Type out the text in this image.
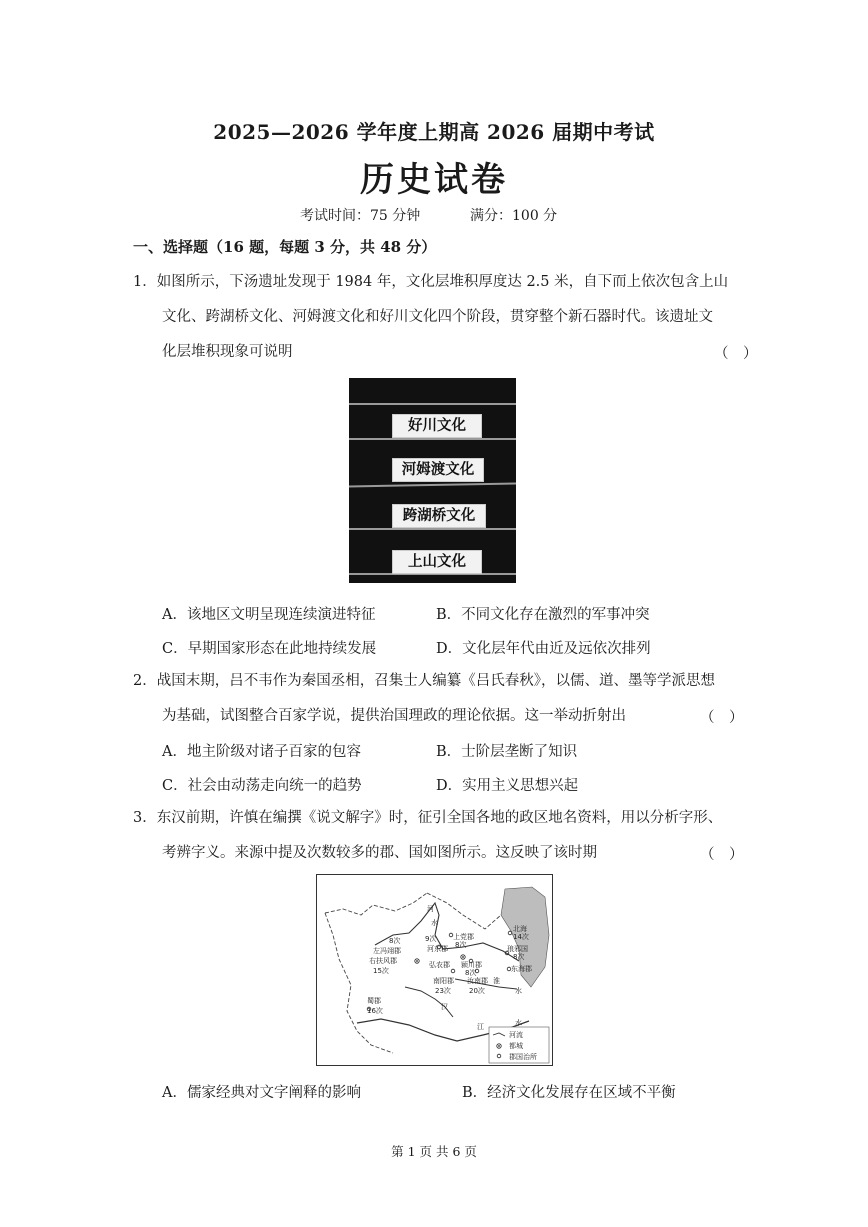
2025—2026 学年度上期高 2026 届期中考试
历史试卷
考试时间：75 分钟	满分：100 分
一、选择题（16 题，每题 3 分，共 48 分）
1．如图所示，下汤遗址发现于 1984 年，文化层堆积厚度达 2.5 米，自下而上依次包含上山
文化、跨湖桥文化、河姆渡文化和好川文化四个阶段，贯穿整个新石器时代。该遗址文
化层堆积现象可说明	（　）
好川文化
河姆渡文化
跨湖桥文化
上山文化
A．该地区文明呈现连续演进特征	B．不同文化存在激烈的军事冲突
C．早期国家形态在此地持续发展	D．文化层年代由近及远依次排列
2．战国末期，吕不韦作为秦国丞相，召集士人编纂《吕氏春秋》，以儒、道、墨等学派思想
为基础，试图整合百家学说，提供治国理政的理论依据。这一举动折射出	（　）
A．地主阶级对诸子百家的包容	B．士阶层垄断了知识
C．社会由动荡走向统一的趋势	D．实用主义思想兴起
3．东汉前期，许慎在编撰《说文解字》时，征引全国各地的政区地名资料，用以分析字形、
考辨字义。来源中提及次数较多的郡、国如图所示。这反映了该时期	（　）
河
水
上党郡
8次
9次
河东郡
8次
右扶风郡
左冯翊郡
15次
弘农郡 颍川郡
8次
南阳郡
23次
汝南郡
20次
汉
蜀郡
16次
北海
14次
琅邪国
8次
东海郡
淮
水
江	水
河流
都城
郡国治所
A．儒家经典对文字阐释的影响	B．经济文化发展存在区域不平衡
第 1 页 共 6 页
